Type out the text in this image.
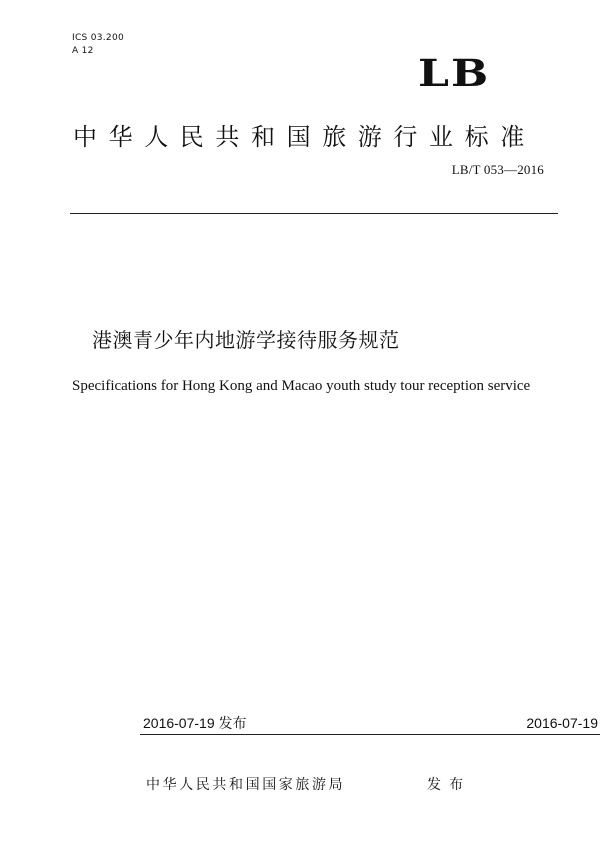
ICS 03.200
A 12
LB
中华人民共和国旅游行业标准
LB/T 053—2016
港澳青少年内地游学接待服务规范
Specifications for Hong Kong and Macao youth study tour reception service
2016-07-19 发布	2016-07-19
中华人民共和国国家旅游局	发布
